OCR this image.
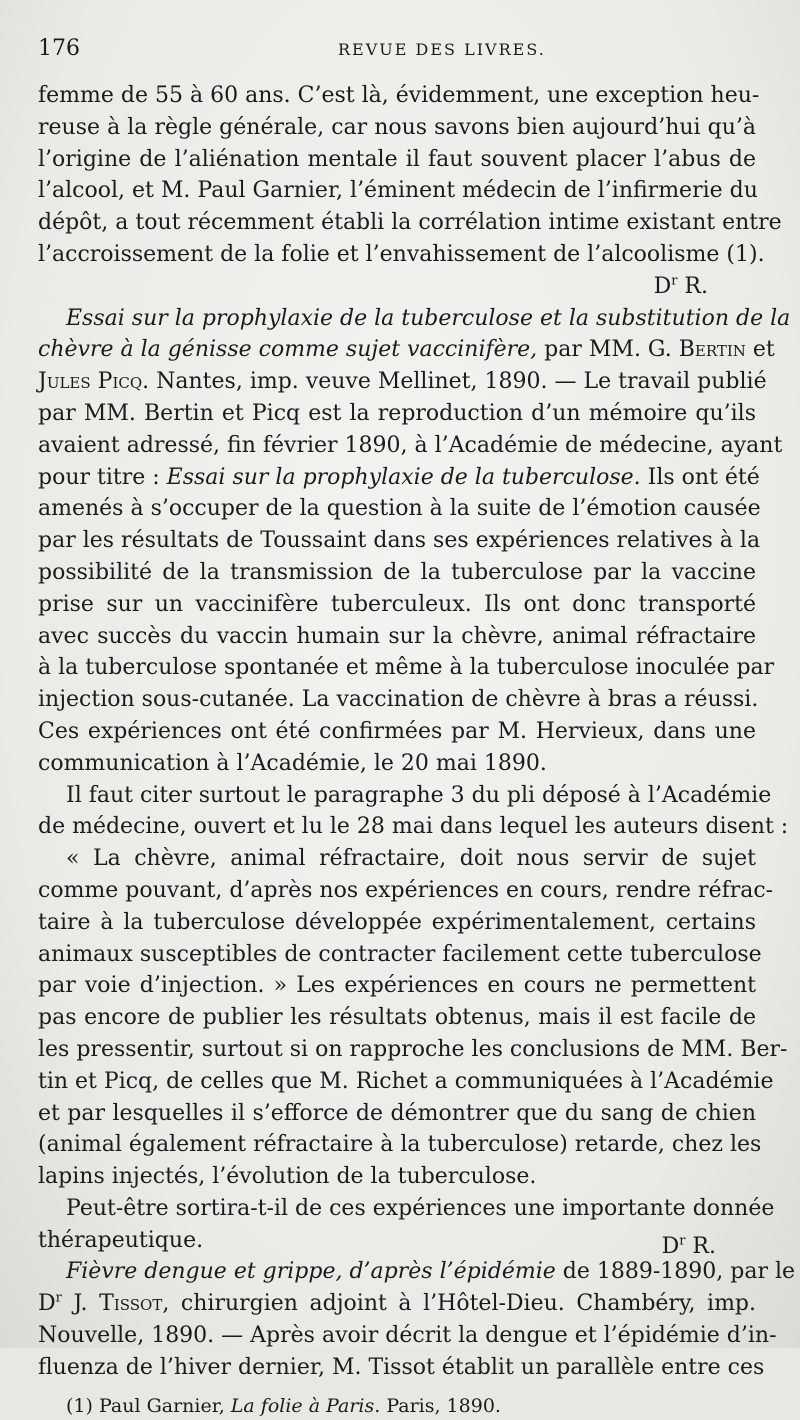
176	REVUE DES LIVRES.
femme de 55 à 60 ans. C’est là, évidemment, une exception heu-
reuse à la règle générale, car nous savons bien aujourd’hui qu’à
l’origine de l’aliénation mentale il faut souvent placer l’abus de
l’alcool, et M. Paul Garnier, l’éminent médecin de l’infirmerie du
dépôt, a tout récemment établi la corrélation intime existant entre
l’accroissement de la folie et l’envahissement de l’alcoolisme (1).
$D^r$ R.
Essai sur la prophylaxie de la tuberculose et la substitution de la
chèvre à la génisse comme sujet vaccinifère, par MM. G. Bertin et
Jules Picq. Nantes, imp. veuve Mellinet, 1890. — Le travail publié
par MM. Bertin et Picq est la reproduction d’un mémoire qu’ils
avaient adressé, fin février 1890, à l’Académie de médecine, ayant
pour titre : Essai sur la prophylaxie de la tuberculose. Ils ont été
amenés à s’occuper de la question à la suite de l’émotion causée
par les résultats de Toussaint dans ses expériences relatives à la
possibilité de la transmission de la tuberculose par la vaccine
prise sur un vaccinifère tuberculeux. Ils ont donc transporté
avec succès du vaccin humain sur la chèvre, animal réfractaire
à la tuberculose spontanée et même à la tuberculose inoculée par
injection sous-cutanée. La vaccination de chèvre à bras a réussi.
Ces expériences ont été confirmées par M. Hervieux, dans une
communication à l’Académie, le 20 mai 1890.
Il faut citer surtout le paragraphe 3 du pli déposé à l’Académie
de médecine, ouvert et lu le 28 mai dans lequel les auteurs disent :
« La chèvre, animal réfractaire, doit nous servir de sujet
comme pouvant, d’après nos expériences en cours, rendre réfrac-
taire à la tuberculose développée expérimentalement, certains
animaux susceptibles de contracter facilement cette tuberculose
par voie d’injection. » Les expériences en cours ne permettent
pas encore de publier les résultats obtenus, mais il est facile de
les pressentir, surtout si on rapproche les conclusions de MM. Ber-
tin et Picq, de celles que M. Richet a communiquées à l’Académie
et par lesquelles il s’efforce de démontrer que du sang de chien
(animal également réfractaire à la tuberculose) retarde, chez les
lapins injectés, l’évolution de la tuberculose.
Peut-être sortira-t-il de ces expériences une importante donnée
thérapeutique.	$D^r$ R.
Fièvre dengue et grippe, d’après l’épidémie de 1889-1890, par le
$D^r$ J. Tissot, chirurgien adjoint à l’Hôtel-Dieu. Chambéry, imp.
Nouvelle, 1890. — Après avoir décrit la dengue et l’épidémie d’in-
fluenza de l’hiver dernier, M. Tissot établit un parallèle entre ces
(1) Paul Garnier, La folie à Paris. Paris, 1890.
